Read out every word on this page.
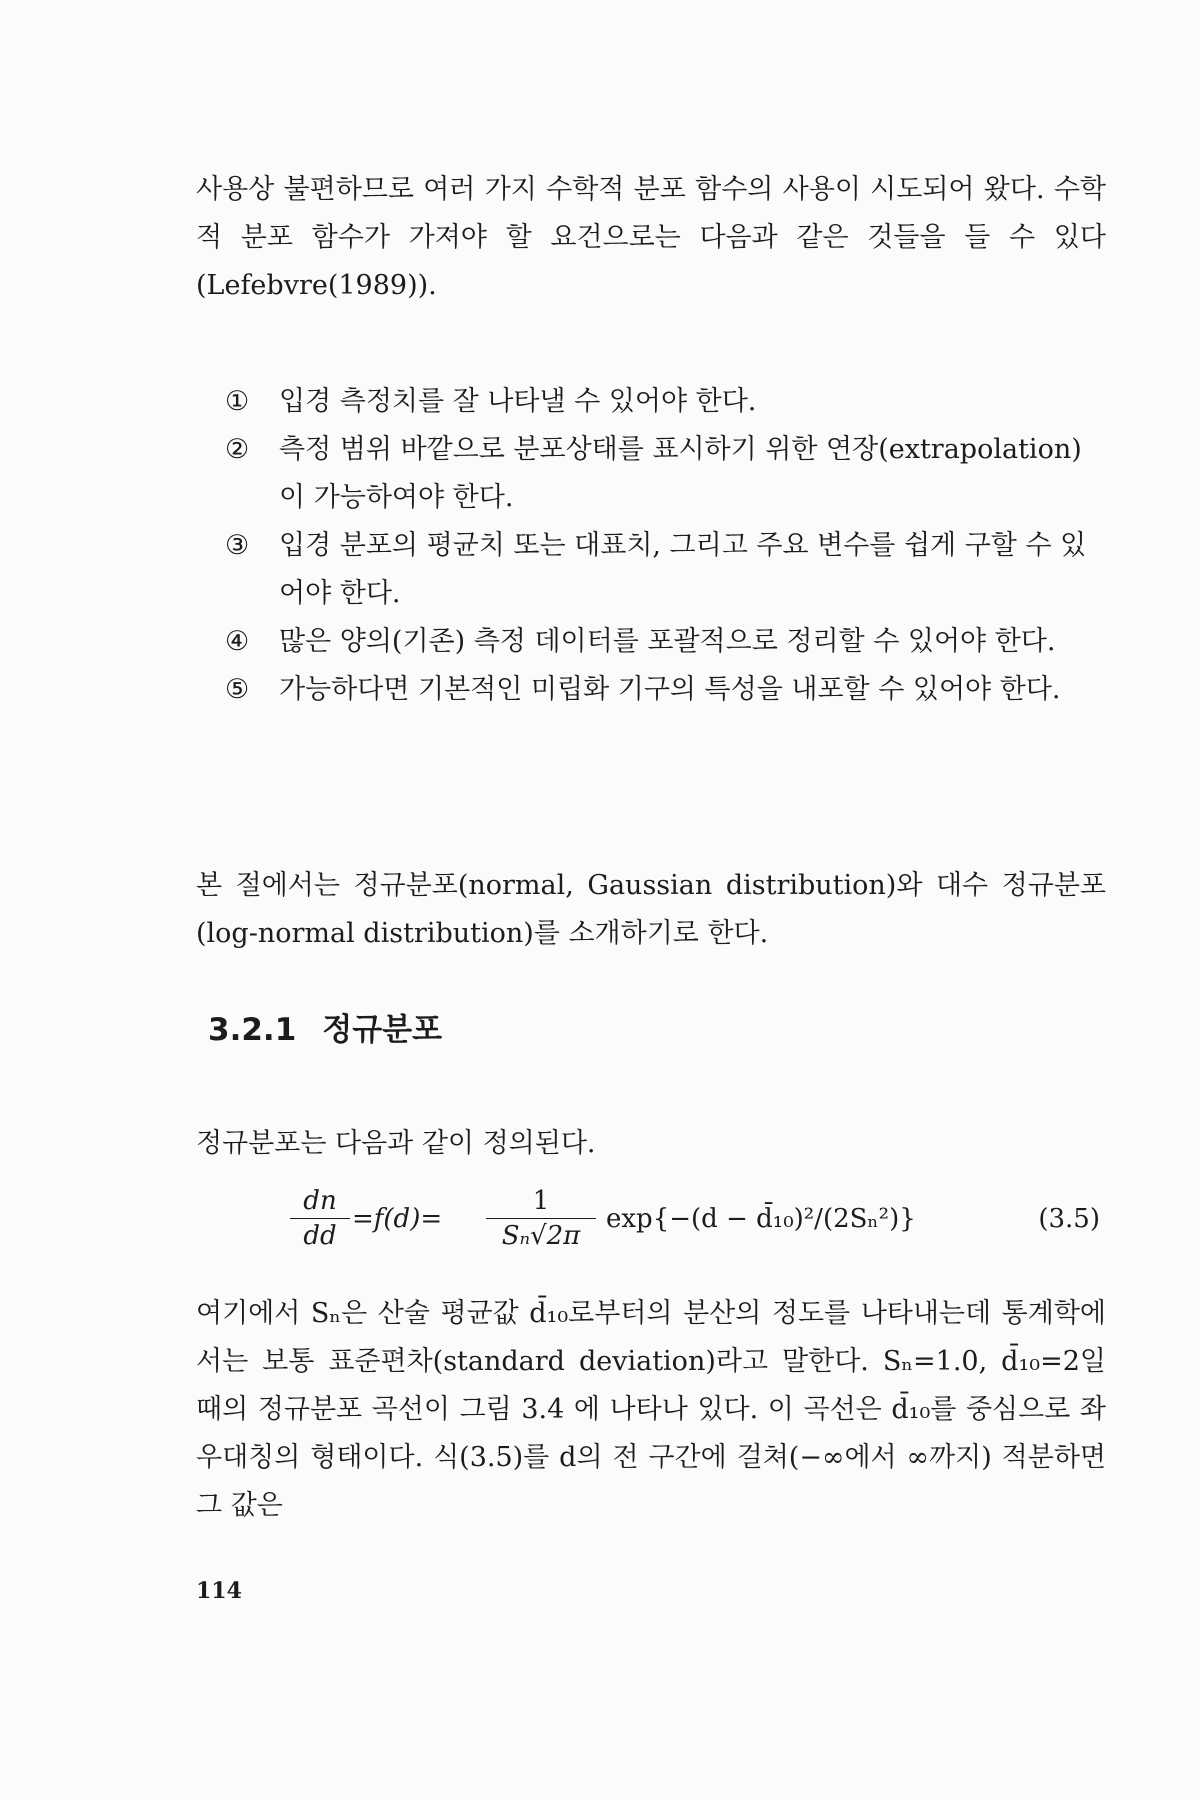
사용상 불편하므로 여러 가지 수학적 분포 함수의 사용이 시도되어 왔다. 수학적 분포 함수가 가져야 할 요건으로는 다음과 같은 것들을 들 수 있다(Lefebvre(1989)).

① 입경 측정치를 잘 나타낼 수 있어야 한다.
② 측정 범위 바깥으로 분포상태를 표시하기 위한 연장(extrapolation)이 가능하여야 한다.
③ 입경 분포의 평균치 또는 대표치, 그리고 주요 변수를 쉽게 구할 수 있어야 한다.
④ 많은 양의(기존) 측정 데이터를 포괄적으로 정리할 수 있어야 한다.
⑤ 가능하다면 기본적인 미립화 기구의 특성을 내포할 수 있어야 한다.

본 절에서는 정규분포(normal, Gaussian distribution)와 대수 정규분포(log-normal distribution)를 소개하기로 한다.

3.2.1 정규분포

정규분포는 다음과 같이 정의된다.

$\frac{dn}{dd} =f(d)= \frac{1}{\text{Sₙ√2π}} \exp\{-(d$ − d̄₁₀)²/(2Sₙ²)}	(3.5)

여기에서 Sₙ은 산술 평균값 d̄₁₀로부터의 분산의 정도를 나타내는데 통계학에서는 보통 표준편차(standard deviation)라고 말한다. Sₙ=1.0, d̄₁₀=2일 때의 정규분포 곡선이 그림 3.4 에 나타나 있다. 이 곡선은 d̄₁₀를 중심으로 좌우대칭의 형태이다. 식(3.5)를 d의 전 구간에 걸쳐(−∞에서 ∞까지) 적분하면 그 값은

114
